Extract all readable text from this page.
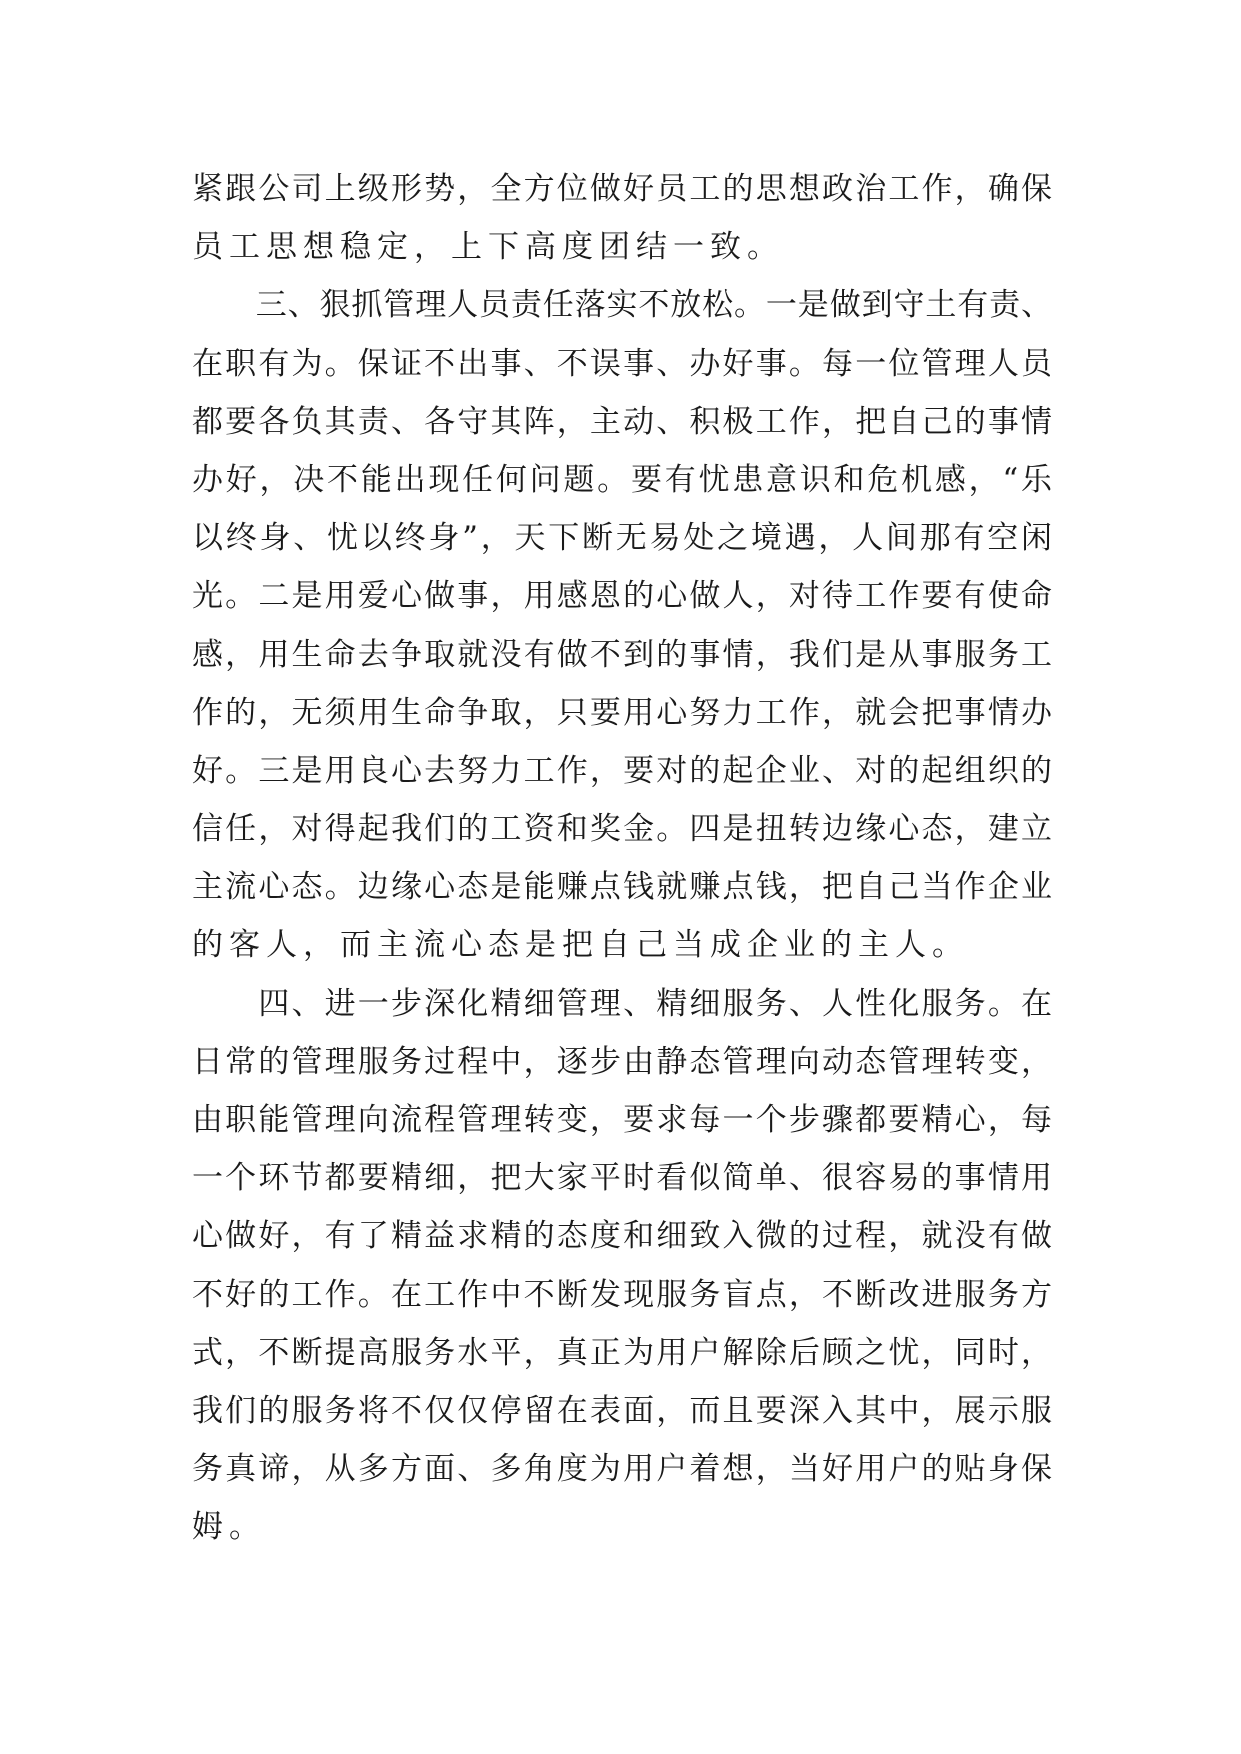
紧跟公司上级形势，全方位做好员工的思想政治工作，确保
员工思想稳定，上下高度团结一致。
　　三、狠抓管理人员责任落实不放松。一是做到守土有责、
在职有为。保证不出事、不误事、办好事。每一位管理人员
都要各负其责、各守其阵，主动、积极工作，把自己的事情
办好，决不能出现任何问题。要有忧患意识和危机感，“乐
以终身、忧以终身”，天下断无易处之境遇，人间那有空闲
光。二是用爱心做事，用感恩的心做人，对待工作要有使命
感，用生命去争取就没有做不到的事情，我们是从事服务工
作的，无须用生命争取，只要用心努力工作，就会把事情办
好。三是用良心去努力工作，要对的起企业、对的起组织的
信任，对得起我们的工资和奖金。四是扭转边缘心态，建立
主流心态。边缘心态是能赚点钱就赚点钱，把自己当作企业
的客人，而主流心态是把自己当成企业的主人。
　　四、进一步深化精细管理、精细服务、人性化服务。在
日常的管理服务过程中，逐步由静态管理向动态管理转变，
由职能管理向流程管理转变，要求每一个步骤都要精心，每
一个环节都要精细，把大家平时看似简单、很容易的事情用
心做好，有了精益求精的态度和细致入微的过程，就没有做
不好的工作。在工作中不断发现服务盲点，不断改进服务方
式，不断提高服务水平，真正为用户解除后顾之忧，同时，
我们的服务将不仅仅停留在表面，而且要深入其中，展示服
务真谛，从多方面、多角度为用户着想，当好用户的贴身保
姆。
